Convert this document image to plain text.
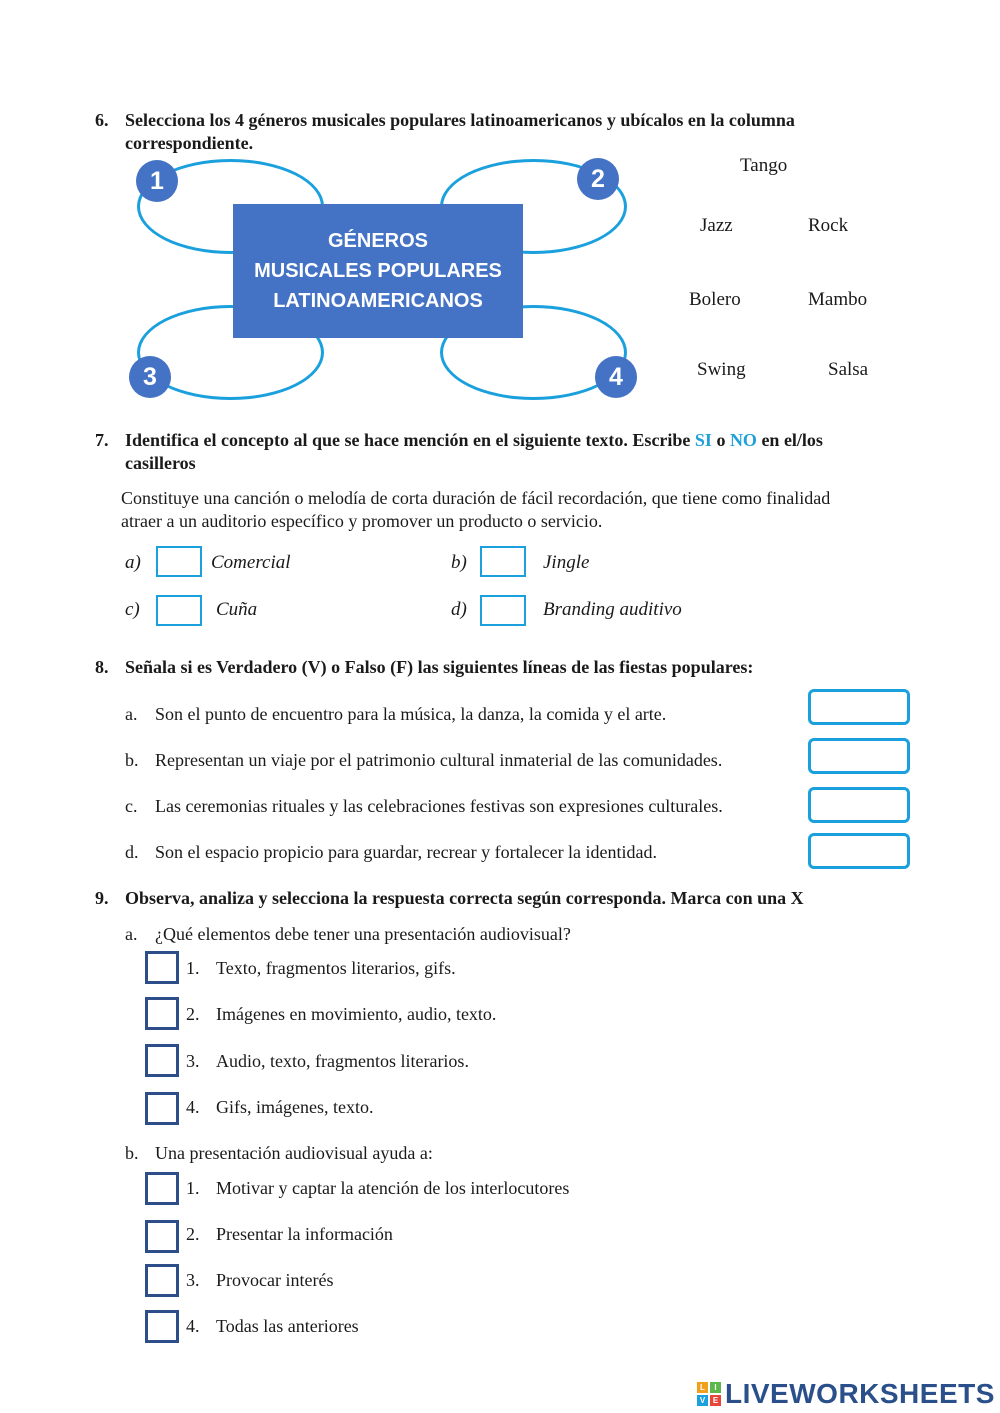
6. Selecciona los 4 géneros musicales populares latinoamericanos y ubícalos en la columna
correspondiente.
GÉNEROS
MUSICALES POPULARES
LATINOAMERICANOS
1	2
3	4
Tango
Jazz	Rock
Bolero	Mambo
Swing	Salsa
7. Identifica el concepto al que se hace mención en el siguiente texto. Escribe SI o NO en el/los
casilleros
Constituye una canción o melodía de corta duración de fácil recordación, que tiene como finalidad
atraer a un auditorio específico y promover un producto o servicio.
a)	Comercial	b)	Jingle
c)	Cuña	d)	Branding auditivo
8. Señala si es Verdadero (V) o Falso (F) las siguientes líneas de las fiestas populares:
a. Son el punto de encuentro para la música, la danza, la comida y el arte.
b. Representan un viaje por el patrimonio cultural inmaterial de las comunidades.
c. Las ceremonias rituales y las celebraciones festivas son expresiones culturales.
d. Son el espacio propicio para guardar, recrear y fortalecer la identidad.
9. Observa, analiza y selecciona la respuesta correcta según corresponda. Marca con una X
a. ¿Qué elementos debe tener una presentación audiovisual?
1. Texto, fragmentos literarios, gifs.
2. Imágenes en movimiento, audio, texto.
3. Audio, texto, fragmentos literarios.
4. Gifs, imágenes, texto.
b. Una presentación audiovisual ayuda a:
1. Motivar y captar la atención de los interlocutores
2. Presentar la información
3. Provocar interés
4. Todas las anteriores
L	I
V E LIVEWORKSHEETS
